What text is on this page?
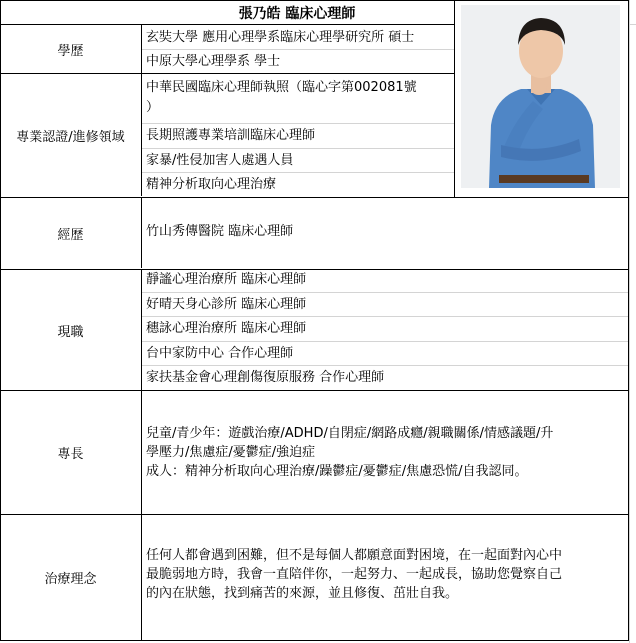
張乃皓 臨床心理師
學歷
玄奘大學 應用心理學系臨床心理學研究所 碩士
中原大學心理學系 學士
專業認證/進修領域
中華民國臨床心理師執照（臨心字第002081號
）
長期照護專業培訓臨床心理師
家暴/性侵加害人處遇人員
精神分析取向心理治療
經歷	竹山秀傳醫院 臨床心理師
現職
靜謐心理治療所 臨床心理師
好晴天身心診所 臨床心理師
穗詠心理治療所 臨床心理師
台中家防中心 合作心理師
家扶基金會心理創傷復原服務 合作心理師
專長
兒童/青少年：遊戲治療/ADHD/自閉症/網路成癮/親職關係/情感議題/升
學壓力/焦慮症/憂鬱症/強迫症
成人：精神分析取向心理治療/躁鬱症/憂鬱症/焦慮恐慌/自我認同。
治療理念
任何人都會遇到困難，但不是每個人都願意面對困境，在一起面對內心中
最脆弱地方時，我會一直陪伴你，一起努力、一起成長，協助您覺察自己
的內在狀態，找到痛苦的來源，並且修復、茁壯自我。
